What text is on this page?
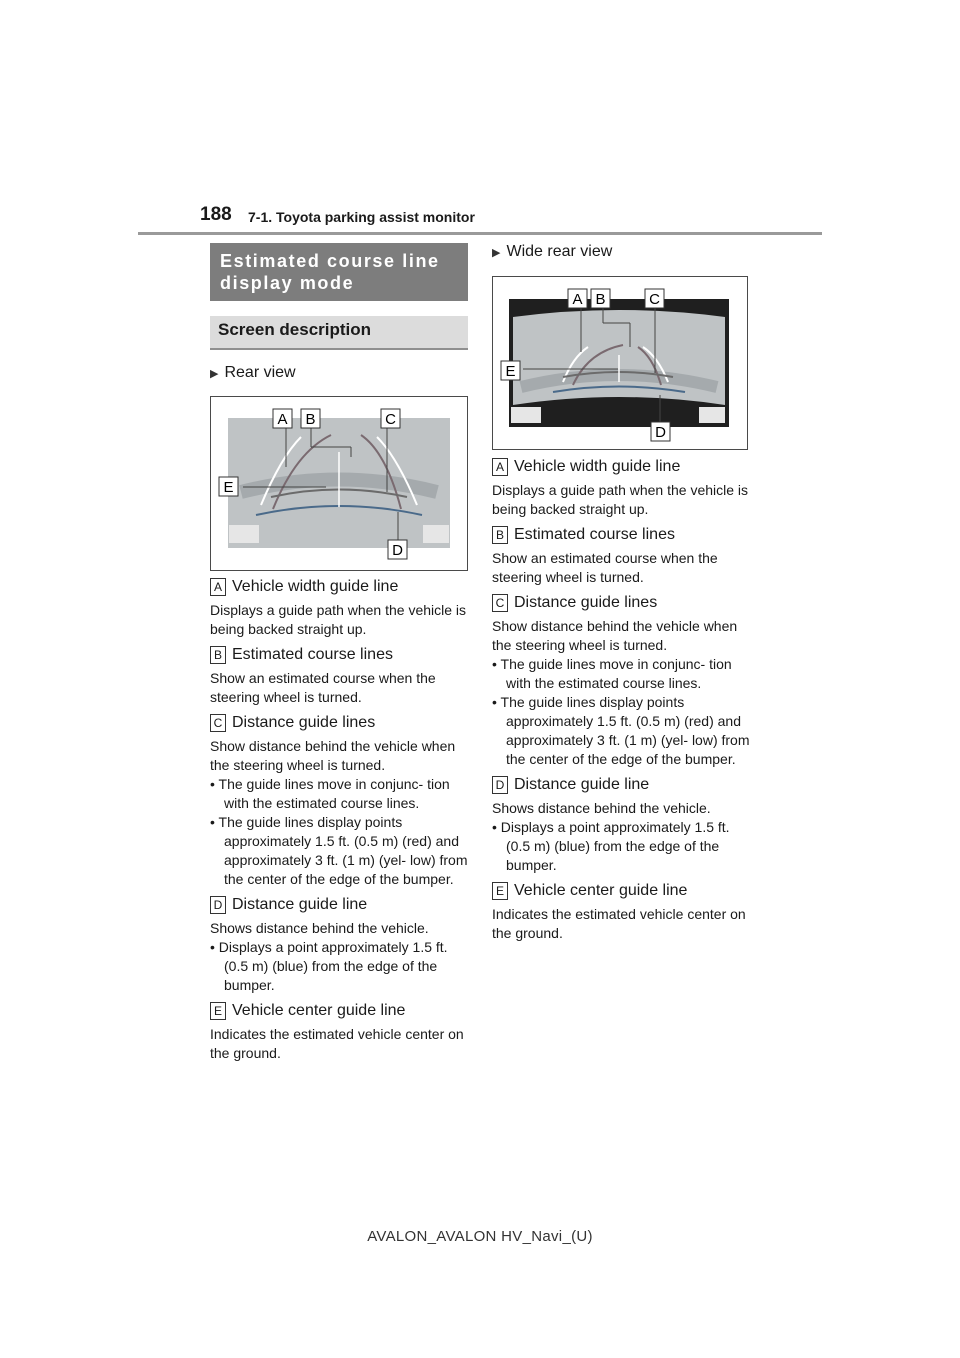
188 7-1. Toyota parking assist monitor
Estimated course line display mode
Screen description
▶ Rear view
A B	C
D
E
A Vehicle width guide line
Displays a guide path when the vehicle is being backed straight up.
B Estimated course lines
Show an estimated course when the steering wheel is turned.
C Distance guide lines
Show distance behind the vehicle when the steering wheel is turned.
• The guide lines move in conjunc- tion with the estimated course lines.
• The guide lines display points approximately 1.5 ft. (0.5 m) (red) and approximately 3 ft. (1 m) (yel- low) from the center of the edge of the bumper.
D Distance guide line
Shows distance behind the vehicle.
• Displays a point approximately 1.5 ft. (0.5 m) (blue) from the edge of the bumper.
E Vehicle center guide line
Indicates the estimated vehicle center on the ground.
▶ Wide rear view
A B	C
D
E
A Vehicle width guide line
Displays a guide path when the vehicle is being backed straight up.
B Estimated course lines
Show an estimated course when the steering wheel is turned.
C Distance guide lines
Show distance behind the vehicle when the steering wheel is turned.
• The guide lines move in conjunc- tion with the estimated course lines.
• The guide lines display points approximately 1.5 ft. (0.5 m) (red) and approximately 3 ft. (1 m) (yel- low) from the center of the edge of the bumper.
D Distance guide line
Shows distance behind the vehicle.
• Displays a point approximately 1.5 ft. (0.5 m) (blue) from the edge of the bumper.
E Vehicle center guide line
Indicates the estimated vehicle center on the ground.
AVALON_AVALON HV_Navi_(U)
